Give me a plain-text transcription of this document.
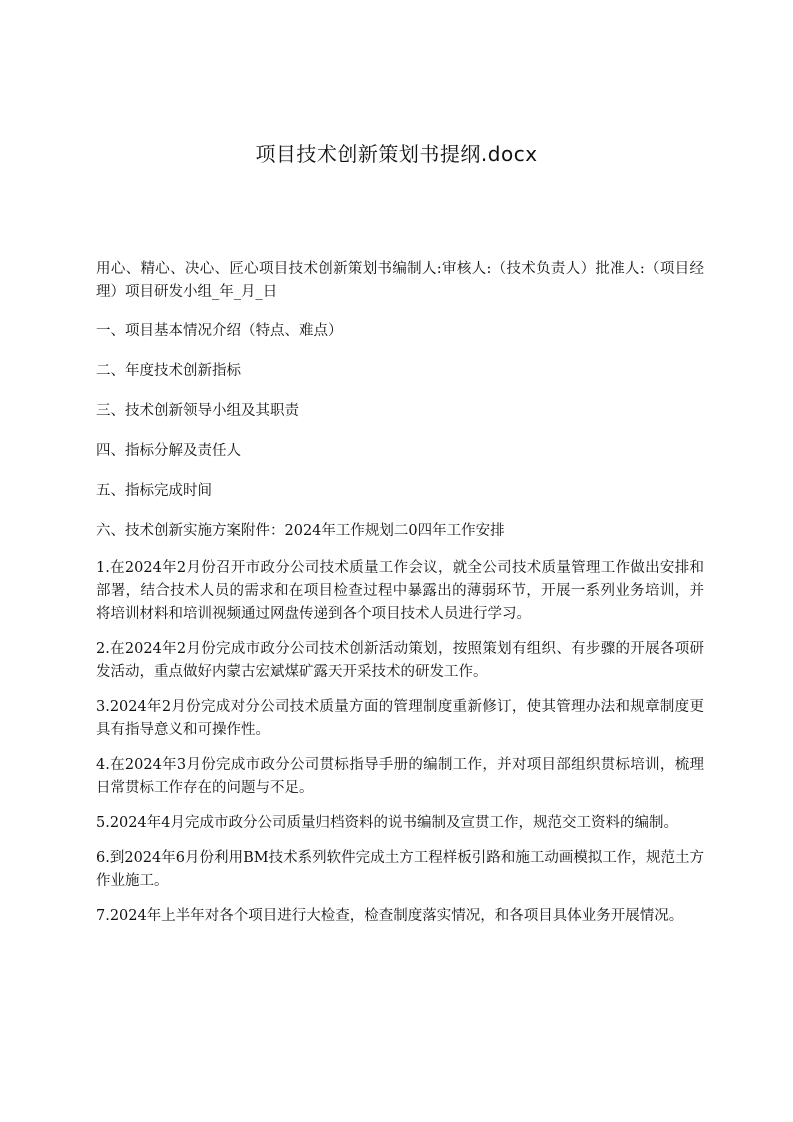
项目技术创新策划书提纲.docx

用心、精心、决心、匠心项目技术创新策划书编制人:审核人:（技术负责人）批准人:（项目经理）项目研发小组_年_月_日

一、项目基本情况介绍（特点、难点）

二、年度技术创新指标

三、技术创新领导小组及其职责

四、指标分解及责任人

五、指标完成时间

六、技术创新实施方案附件：2024年工作规划二0四年工作安排

1.在2024年2月份召开市政分公司技术质量工作会议，就全公司技术质量管理工作做出安排和部署，结合技术人员的需求和在项目检查过程中暴露出的薄弱环节，开展一系列业务培训，并将培训材料和培训视频通过网盘传递到各个项目技术人员进行学习。

2.在2024年2月份完成市政分公司技术创新活动策划，按照策划有组织、有步骤的开展各项研发活动，重点做好内蒙古宏斌煤矿露天开采技术的研发工作。

3.2024年2月份完成对分公司技术质量方面的管理制度重新修订，使其管理办法和规章制度更具有指导意义和可操作性。

4.在2024年3月份完成市政分公司贯标指导手册的编制工作，并对项目部组织贯标培训，梳理日常贯标工作存在的问题与不足。

5.2024年4月完成市政分公司质量归档资料的说书编制及宣贯工作，规范交工资料的编制。

6.到2024年6月份利用BM技术系列软件完成土方工程样板引路和施工动画模拟工作，规范土方作业施工。

7.2024年上半年对各个项目进行大检查，检查制度落实情况，和各项目具体业务开展情况。
